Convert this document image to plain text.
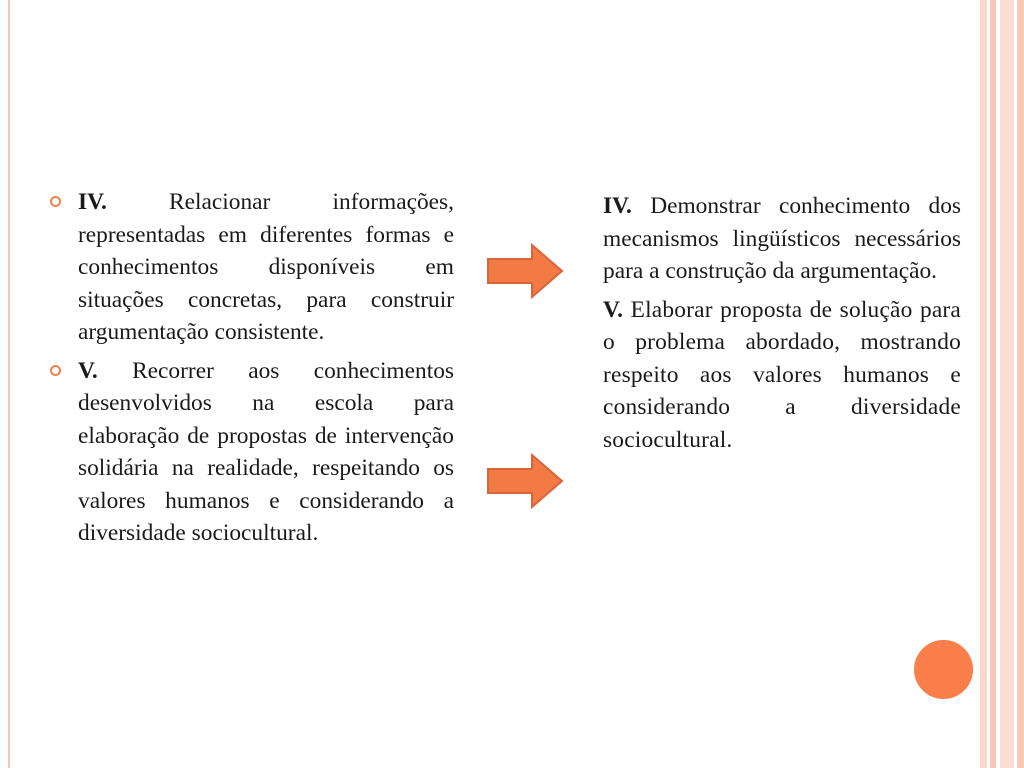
IV. Relacionar informações, representadas em diferentes formas e conhecimentos disponíveis em situações concretas, para construir argumentação consistente.
V. Recorrer aos conhecimentos desenvolvidos na escola para elaboração de propostas de intervenção solidária na realidade, respeitando os valores humanos e considerando a diversidade sociocultural.
IV. Demonstrar conhecimento dos mecanismos lingüísticos necessários para a construção da argumentação.
V. Elaborar proposta de solução para o problema abordado, mostrando respeito aos valores humanos e considerando a diversidade sociocultural.
